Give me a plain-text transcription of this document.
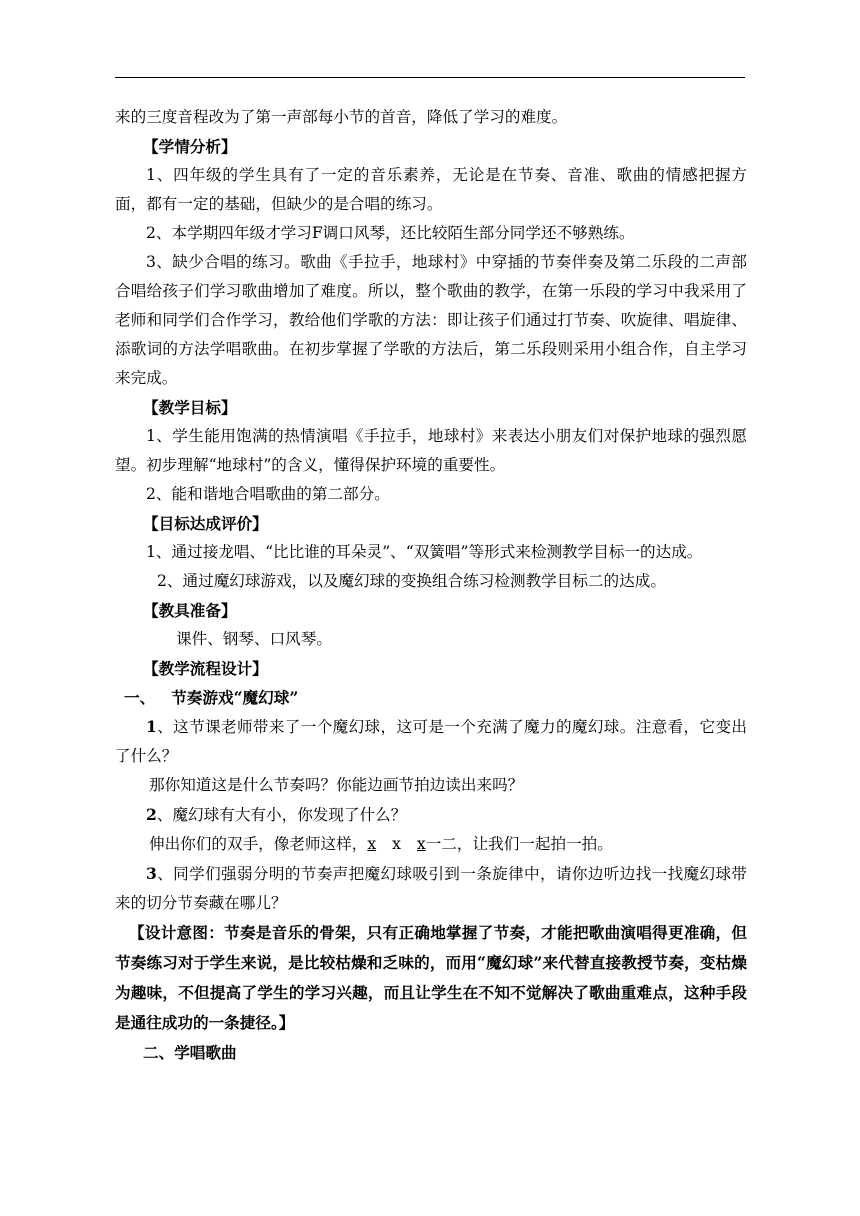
来的三度音程改为了第一声部每小节的首音，降低了学习的难度。

【学情分析】

1、四年级的学生具有了一定的音乐素养，无论是在节奏、音准、歌曲的情感把握方面，都有一定的基础，但缺少的是合唱的练习。

2、本学期四年级才学习F调口风琴，还比较陌生部分同学还不够熟练。

3、缺少合唱的练习。歌曲《手拉手，地球村》中穿插的节奏伴奏及第二乐段的二声部合唱给孩子们学习歌曲增加了难度。所以，整个歌曲的教学，在第一乐段的学习中我采用了老师和同学们合作学习，教给他们学歌的方法：即让孩子们通过打节奏、吹旋律、唱旋律、添歌词的方法学唱歌曲。在初步掌握了学歌的方法后，第二乐段则采用小组合作，自主学习来完成。

【教学目标】

1、学生能用饱满的热情演唱《手拉手，地球村》来表达小朋友们对保护地球的强烈愿望。初步理解“地球村”的含义，懂得保护环境的重要性。

2、能和谐地合唱歌曲的第二部分。

【目标达成评价】

1、通过接龙唱、“比比谁的耳朵灵”、“双簧唱”等形式来检测教学目标一的达成。

2、通过魔幻球游戏，以及魔幻球的变换组合练习检测教学目标二的达成。

【教具准备】

课件、钢琴、口风琴。

【教学流程设计】

一、 节奏游戏“魔幻球”

1、这节课老师带来了一个魔幻球，这可是一个充满了魔力的魔幻球。注意看，它变出了什么？

那你知道这是什么节奏吗？你能边画节拍边读出来吗？

2、魔幻球有大有小，你发现了什么？

伸出你们的双手，像老师这样，x x x一二，让我们一起拍一拍。

3、同学们强弱分明的节奏声把魔幻球吸引到一条旋律中，请你边听边找一找魔幻球带来的切分节奏藏在哪儿？

【设计意图：节奏是音乐的骨架，只有正确地掌握了节奏，才能把歌曲演唱得更准确，但节奏练习对于学生来说，是比较枯燥和乏味的，而用“魔幻球”来代替直接教授节奏，变枯燥为趣味，不但提高了学生的学习兴趣，而且让学生在不知不觉解决了歌曲重难点，这种手段是通往成功的一条捷径。】

二、学唱歌曲
